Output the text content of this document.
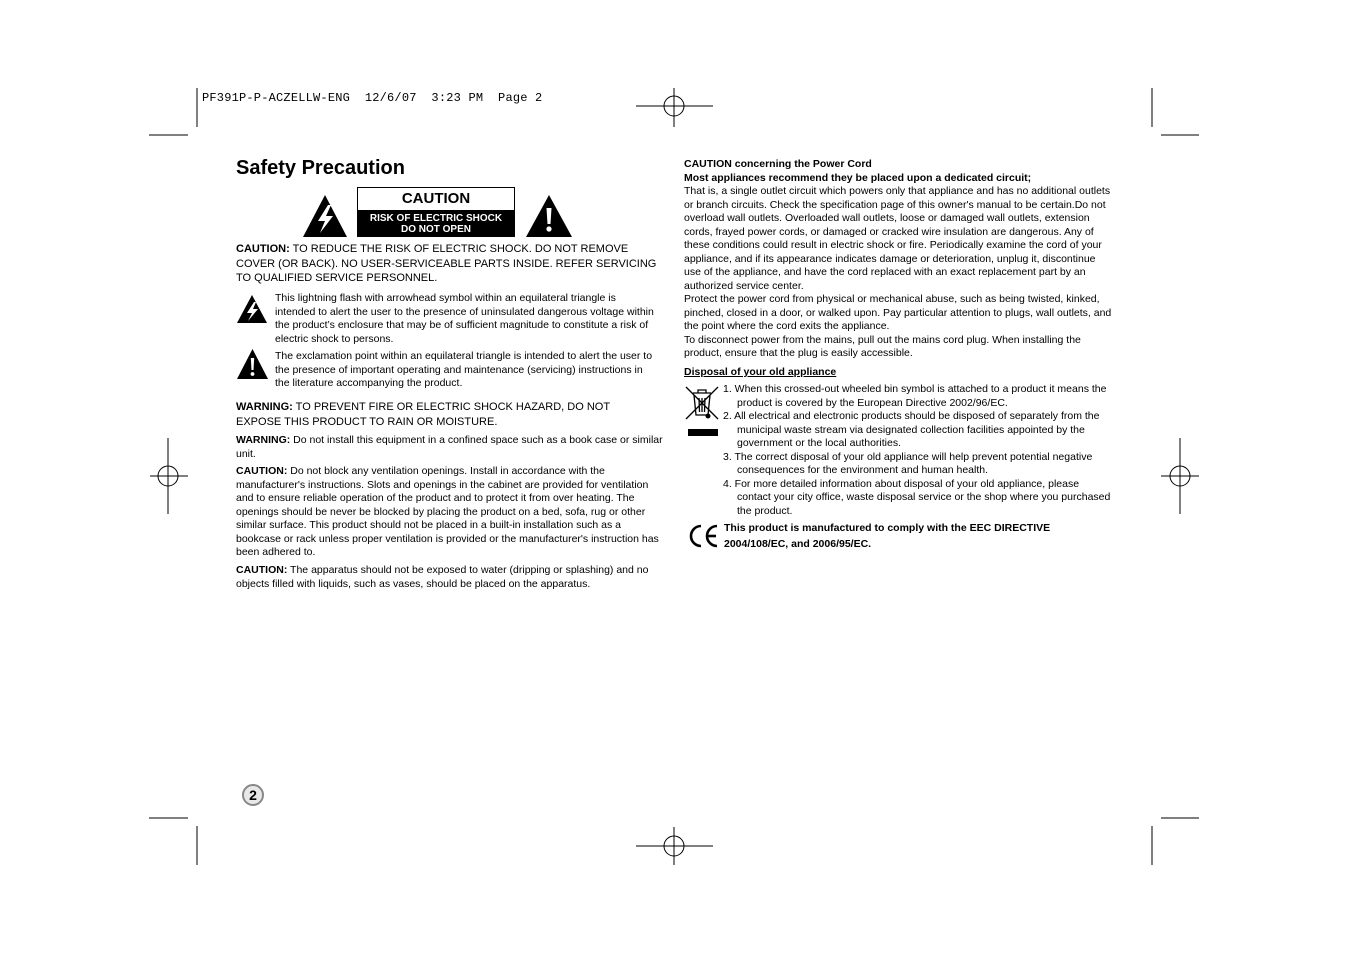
PF391P-P-ACZELLW-ENG  12/6/07  3:23 PM  Page 2
Safety Precaution
CAUTION
RISK OF ELECTRIC SHOCK
DO NOT OPEN
CAUTION: TO REDUCE THE RISK OF ELECTRIC SHOCK. DO NOT REMOVE COVER (OR BACK). NO USER-SERVICEABLE PARTS INSIDE. REFER SERVICING TO QUALIFIED SERVICE PERSONNEL.
This lightning flash with arrowhead symbol within an equilateral triangle is intended to alert the user to the presence of uninsulated dangerous voltage within the product’s enclosure that may be of sufficient magnitude to constitute a risk of electric shock to persons.
The exclamation point within an equilateral triangle is intended to alert the user to the presence of important operating and maintenance (servicing) instructions in the literature accompanying the product.
WARNING: TO PREVENT FIRE OR ELECTRIC SHOCK HAZARD, DO NOT EXPOSE THIS PRODUCT TO RAIN OR MOISTURE.
WARNING: Do not install this equipment in a confined space such as a book case or similar unit.
CAUTION: Do not block any ventilation openings. Install in accordance with the manufacturer's instructions. Slots and openings in the cabinet are provided for ventilation and to ensure reliable operation of the product and to protect it from over heating. The openings should be never be blocked by placing the product on a bed, sofa, rug or other similar surface. This product should not be placed in a built-in installation such as a bookcase or rack unless proper ventilation is provided or the manufacturer's instruction has been adhered to.
CAUTION: The apparatus should not be exposed to water (dripping or splashing) and no objects filled with liquids, such as vases, should be placed on the apparatus.

CAUTION concerning the Power Cord

Most appliances recommend they be placed upon a dedicated circuit;

That is, a single outlet circuit which powers only that appliance and has no additional outlets or branch circuits. Check the specification page of this owner's manual to be certain.Do not overload wall outlets. Overloaded wall outlets, loose or damaged wall outlets, extension cords, frayed power cords, or damaged or cracked wire insulation are dangerous. Any of these conditions could result in electric shock or fire. Periodically examine the cord of your appliance, and if its appearance indicates damage or deterioration, unplug it, discontinue use of the appliance, and have the cord replaced with an exact replacement part by an authorized service center.

Protect the power cord from physical or mechanical abuse, such as being twisted, kinked, pinched, closed in a door, or walked upon. Pay particular attention to plugs, wall outlets, and the point where the cord exits the appliance.

To disconnect power from the mains, pull out the mains cord plug. When installing the product, ensure that the plug is easily accessible.

Disposal of your old appliance
1. When this crossed-out wheeled bin symbol is attached to a product it means the product is covered by the European Directive 2002/96/EC.
2. All electrical and electronic products should be disposed of separately from the municipal waste stream via designated collection facilities appointed by the government or the local authorities.
3. The correct disposal of your old appliance will help prevent potential negative consequences for the environment and human health.
4. For more detailed information about disposal of your old appliance, please contact your city office, waste disposal service or the shop where you purchased the product.
This product is manufactured to comply with the EEC DIRECTIVE 2004/108/EC, and 2006/95/EC.
2
